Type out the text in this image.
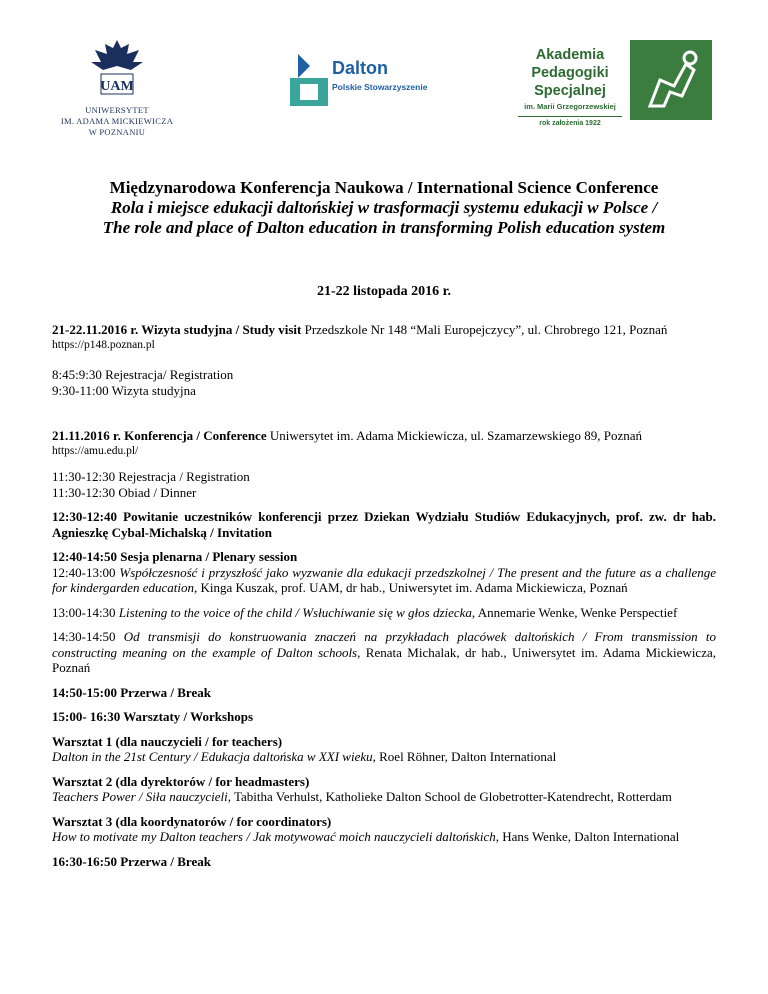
UAM
UNIWERSYTET
IM. ADAMA MICKIEWICZA
W POZNANIU
Dalton
Polskie Stowarzyszenie
Akademia
Pedagogiki
Specjalnej
im. Marii Grzegorzewskiej
rok założenia 1922
Międzynarodowa Konferencja Naukowa / International Science Conference
Rola i miejsce edukacji daltońskiej w trasformacji systemu edukacji w Polsce /
The role and place of Dalton education in transforming Polish education system
21-22 listopada 2016 r.

21-22.11.2016 r. Wizyta studyjna / Study visit Przedszkole Nr 148 “Mali Europejczycy”, ul. Chrobrego 121, Poznań

https://p148.poznan.pl

8:45:9:30 Rejestracja/ Registration

9:30-11:00 Wizyta studyjna

21.11.2016 r. Konferencja / Conference Uniwersytet im. Adama Mickiewicza, ul. Szamarzewskiego 89, Poznań

https://amu.edu.pl/

11:30-12:30 Rejestracja / Registration

11:30-12:30 Obiad / Dinner

12:30-12:40 Powitanie uczestników konferencji przez Dziekan Wydziału Studiów Edukacyjnych, prof. zw. dr hab. Agnieszkę Cybal-Michalską / Invitation

12:40-14:50 Sesja plenarna / Plenary session

12:40-13:00 Współczesność i przyszłość jako wyzwanie dla edukacji przedszkolnej / The present and the future as a challenge for kindergarden education, Kinga Kuszak, prof. UAM, dr hab., Uniwersytet im. Adama Mickiewicza, Poznań

13:00-14:30 Listening to the voice of the child / Wsłuchiwanie się w głos dziecka, Annemarie Wenke, Wenke Perspectief

14:30-14:50 Od transmisji do konstruowania znaczeń na przykładach placówek daltońskich / From transmission to constructing meaning on the example of Dalton schools, Renata Michalak, dr hab., Uniwersytet im. Adama Mickiewicza, Poznań

14:50-15:00 Przerwa / Break

15:00- 16:30 Warsztaty / Workshops

Warsztat 1 (dla nauczycieli / for teachers)

Dalton in the 21st Century / Edukacja daltońska w XXI wieku, Roel Röhner, Dalton International

Warsztat 2 (dla dyrektorów / for headmasters)

Teachers Power / Siła nauczycieli, Tabitha Verhulst, Katholieke Dalton School de Globetrotter-Katendrecht, Rotterdam

Warsztat 3 (dla koordynatorów / for coordinators)

How to motivate my Dalton teachers / Jak motywować moich nauczycieli daltońskich, Hans Wenke, Dalton International

16:30-16:50 Przerwa / Break
